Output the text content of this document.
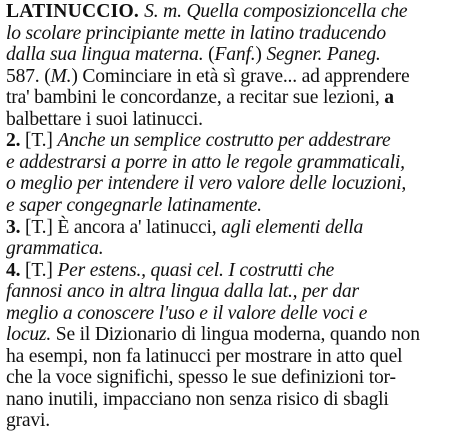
LATINUCCIO. S. m. Quella composizioncella che
lo scolare principiante mette in latino traducendo
dalla sua lingua materna. (Fanf.) Segner. Paneg.
587. (M.) Cominciare in età sì grave... ad apprendere
tra' bambini le concordanze, a recitar sue lezioni, a
balbettare i suoi latinucci.
2. [T.] Anche un semplice costrutto per addestrare
e addestrarsi a porre in atto le regole grammaticali,
o meglio per intendere il vero valore delle locuzioni,
e saper congegnarle latinamente.
3. [T.] È ancora a' latinucci, agli elementi della
grammatica.
4. [T.] Per estens., quasi cel. I costrutti che
fannosi anco in altra lingua dalla lat., per dar
meglio a conoscere l'uso e il valore delle voci e
locuz. Se il Dizionario di lingua moderna, quando non
ha esempi, non fa latinucci per mostrare in atto quel
che la voce significhi, spesso le sue definizioni tor-
nano inutili, impacciano non senza risico di sbagli
gravi.
